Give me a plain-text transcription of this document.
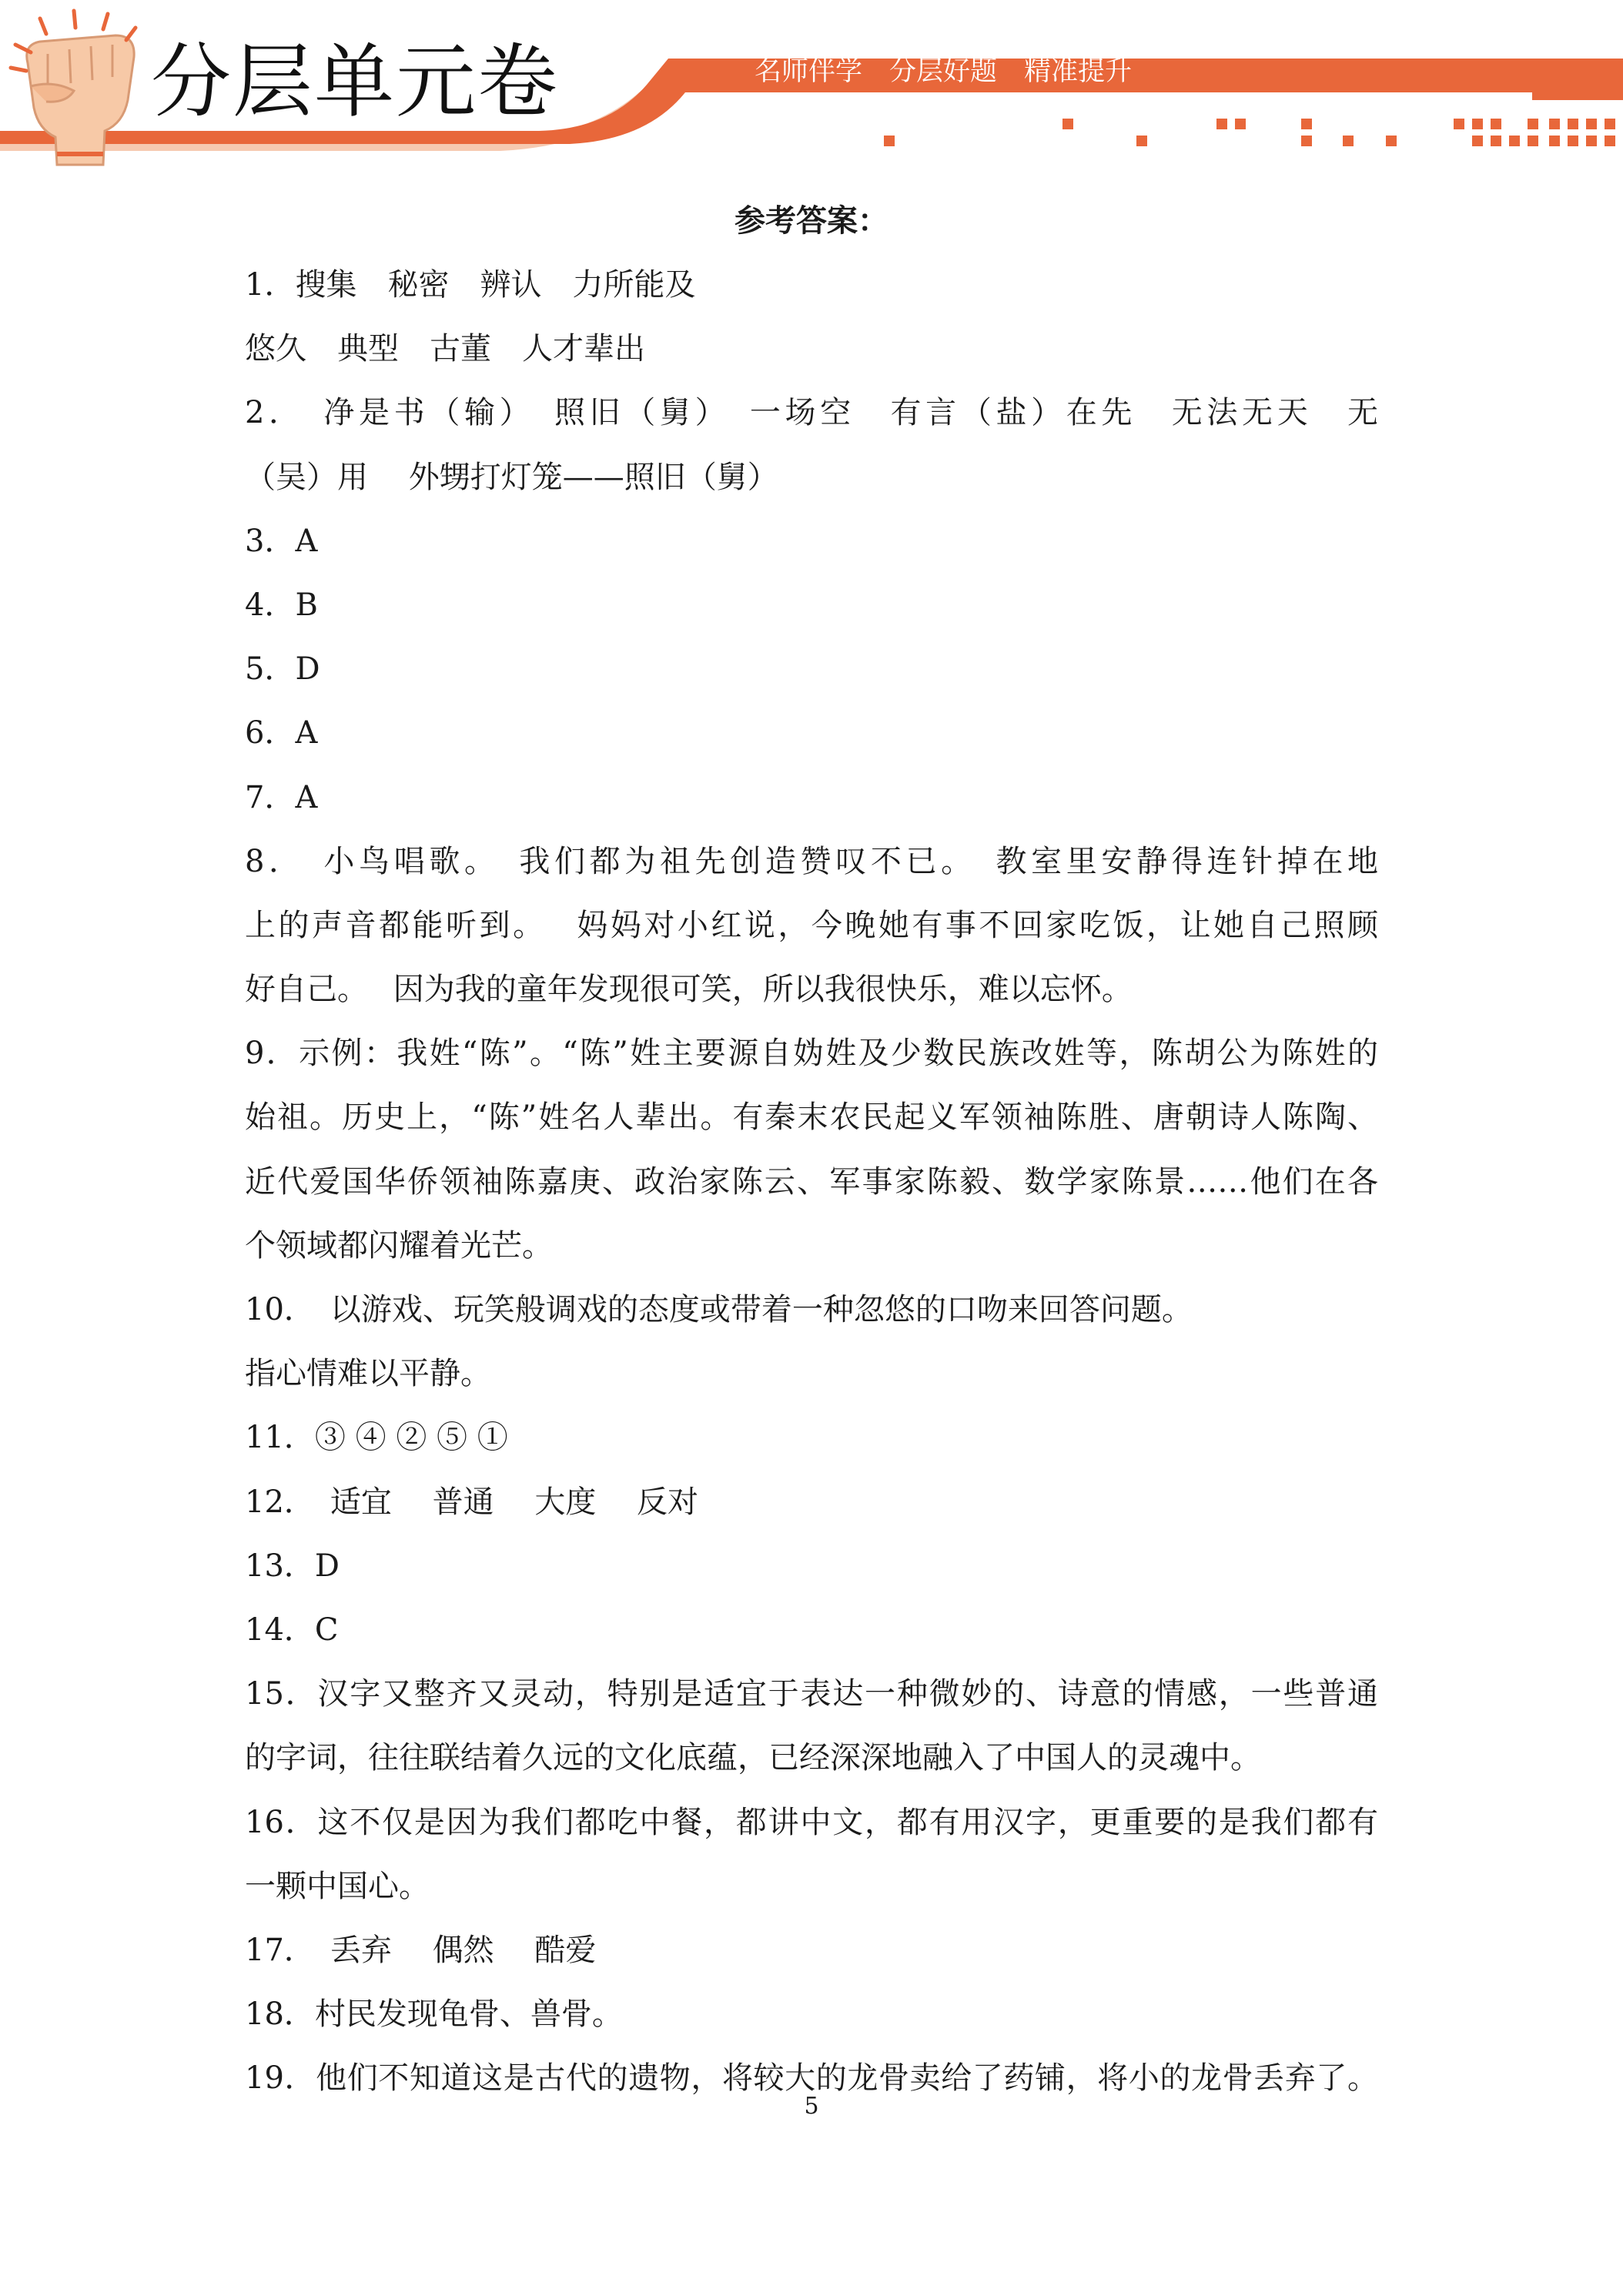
分层单元卷	名师伴学　分层好题　精准提升
参考答案：
1．搜集　秘密　辨认　力所能及
悠久　典型　古董　人才辈出
2．　净是书（输）　照旧（舅）　一场空　有言（盐）在先　无法无天　无
（吴）用　 外甥打灯笼——照旧（舅）
3．A
4．B
5．D
6．A
7．A
8．　小鸟唱歌。　我们都为祖先创造赞叹不已。　教室里安静得连针掉在地
上的声音都能听到。　 妈妈对小红说，今晚她有事不回家吃饭，让她自己照顾
好自己。　 因为我的童年发现很可笑，所以我很快乐，难以忘怀。
9．示例：我姓“陈”。“陈”姓主要源自妫姓及少数民族改姓等，陈胡公为陈姓的
始祖。历史上，“陈”姓名人辈出。有秦末农民起义军领袖陈胜、唐朝诗人陈陶、
近代爱国华侨领袖陈嘉庚、政治家陈云、军事家陈毅、数学家陈景……他们在各
个领域都闪耀着光芒。
10．　以游戏、玩笑般调戏的态度或带着一种忽悠的口吻来回答问题。
指心情难以平静。
11．③ ④ ② ⑤ ①
12．　适宜　 普通　 大度　 反对
13．D
14．C
15．汉字又整齐又灵动，特别是适宜于表达一种微妙的、诗意的情感，一些普通
的字词，往往联结着久远的文化底蕴，已经深深地融入了中国人的灵魂中。
16．这不仅是因为我们都吃中餐，都讲中文，都有用汉字，更重要的是我们都有
一颗中国心。
17．　丢弃　 偶然　 酷爱
18．村民发现龟骨、兽骨。
19．他们不知道这是古代的遗物，将较大的龙骨卖给了药铺，将小的龙骨丢弃了。
5
